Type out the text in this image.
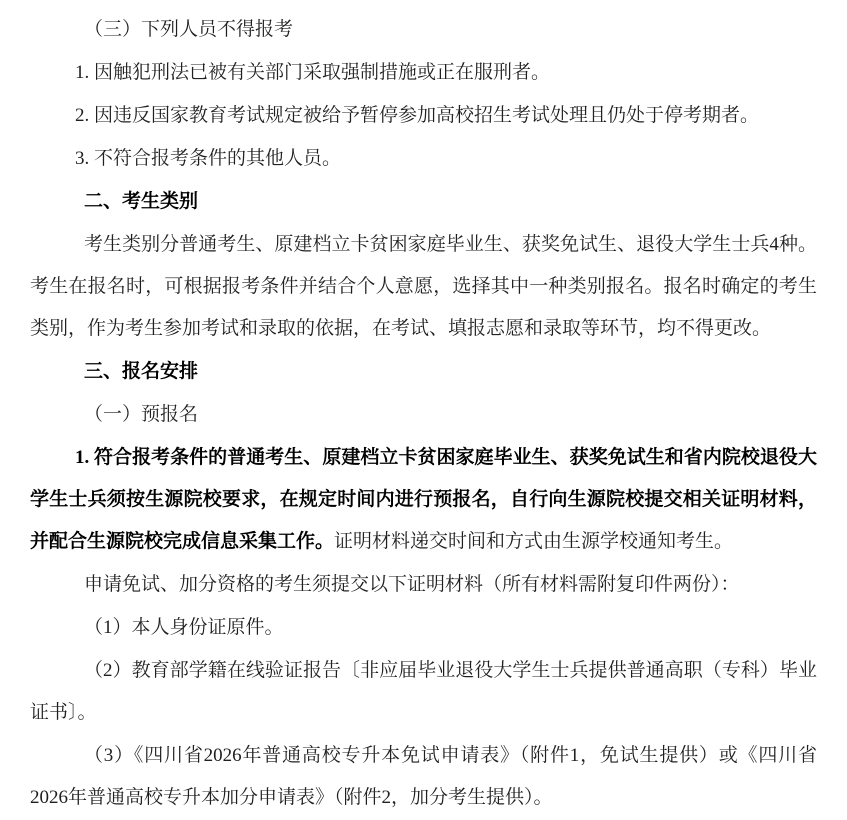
（三）下列人员不得报考

1. 因触犯刑法已被有关部门采取强制措施或正在服刑者。

2. 因违反国家教育考试规定被给予暂停参加高校招生考试处理且仍处于停考期者。

3. 不符合报考条件的其他人员。

二、考生类别

考生类别分普通考生、原建档立卡贫困家庭毕业生、获奖免试生、退役大学生士兵4种。考生在报名时，可根据报考条件并结合个人意愿，选择其中一种类别报名。报名时确定的考生类别，作为考生参加考试和录取的依据，在考试、填报志愿和录取等环节，均不得更改。

三、报名安排

（一）预报名

1. 符合报考条件的普通考生、原建档立卡贫困家庭毕业生、获奖免试生和省内院校退役大学生士兵须按生源院校要求，在规定时间内进行预报名，自行向生源院校提交相关证明材料，并配合生源院校完成信息采集工作。证明材料递交时间和方式由生源学校通知考生。

申请免试、加分资格的考生须提交以下证明材料（所有材料需附复印件两份）：

（1）本人身份证原件。

（2）教育部学籍在线验证报告〔非应届毕业退役大学生士兵提供普通高职（专科）毕业证书〕。

（3）《四川省2026年普通高校专升本免试申请表》（附件1，免试生提供）或《四川省2026年普通高校专升本加分申请表》（附件2，加分考生提供）。
